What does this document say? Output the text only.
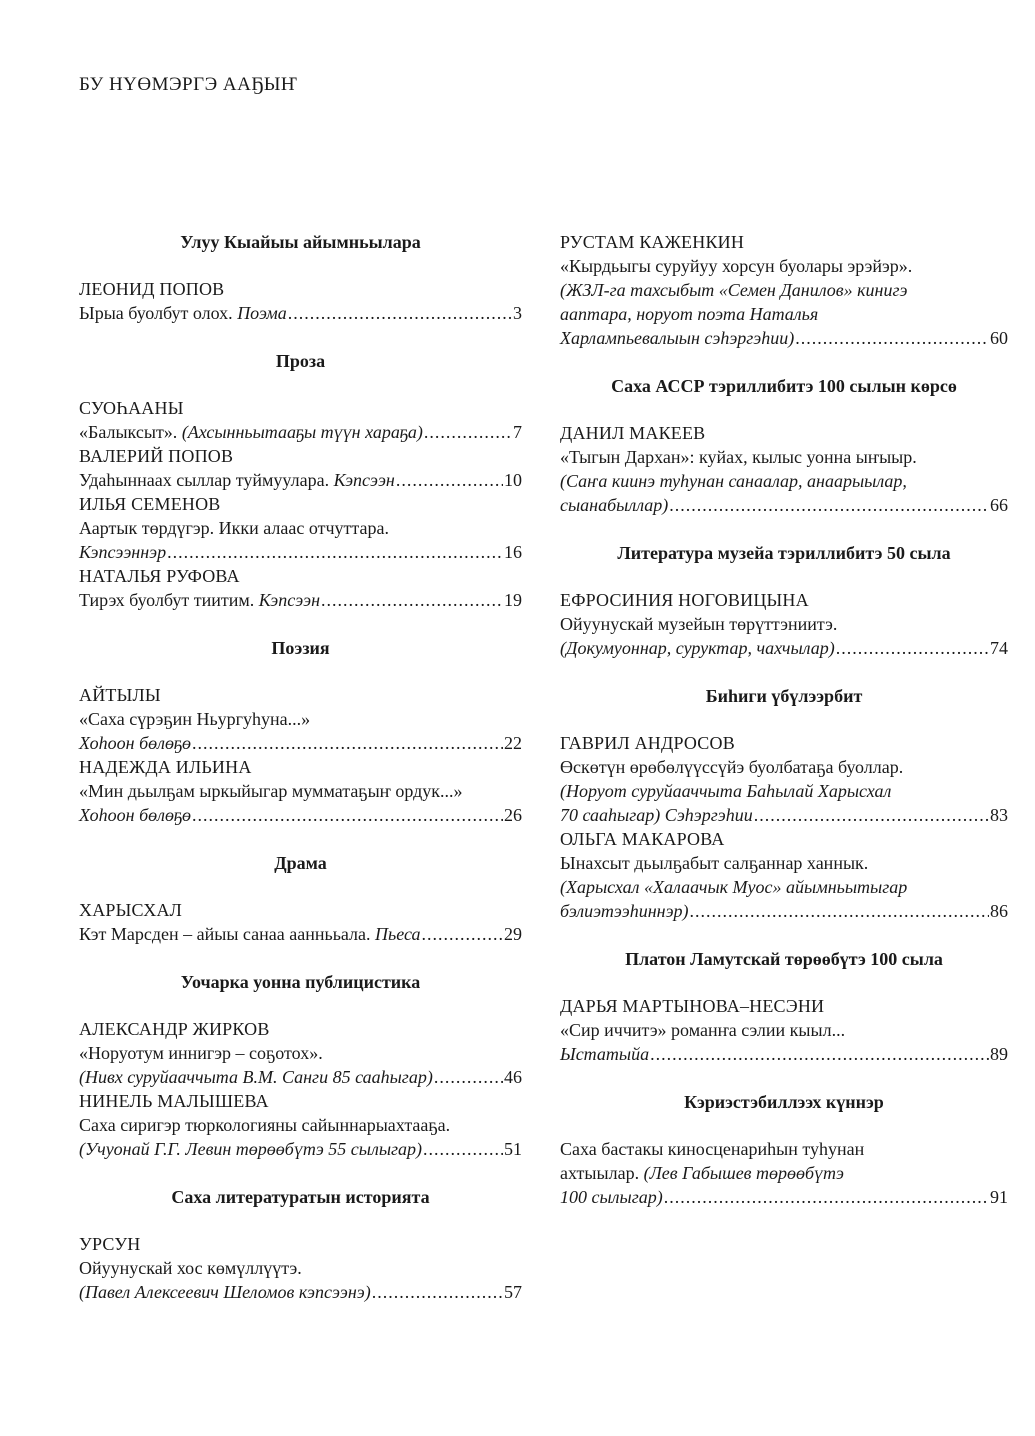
БУ НҮӨМЭРГЭ ААҔЫҤ
Улуу Кыайыы айымньылара
ЛЕОНИД ПОПОВ
Ырыа буолбут олох. Поэма .....	3
Проза
СУОҺААНЫ
«Балыксыт». (Ахсынньытааҕы түүн хараҕа) .....	7
ВАЛЕРИЙ ПОПОВ
Удаһыннаах сыллар туймуулара. Кэпсээн .....	10
ИЛЬЯ СЕМЕНОВ
Аартык төрдүгэр. Икки алаас отчуттара.
Кэпсээннэр .....	16
НАТАЛЬЯ РУФОВА
Тирэх буолбут тиитим. Кэпсээн .....	19
Поэзия
АЙТЫЛЫ
«Саха сүрэҕин Ньургуһуна...»
Хоһоон бөлөҕө .....	22
НАДЕЖДА ИЛЬИНА
«Мин дьылҕам ыркыйыгар мумматаҕыҥ ордук...»
Хоһоон бөлөҕө .....	26
Драма
ХАРЫСХАЛ
Кэт Марсден – айыы санаа ааннььала. Пьеса .....	29
Уочарка уонна публицистика
АЛЕКСАНДР ЖИРКОВ
«Норуотум иннигэр – соҕотох».
(Нивх суруйааччыта В.М. Санги 85 сааһыгар) .....	46
НИНЕЛЬ МАЛЫШЕВА
Саха сиригэр тюркологияны сайыннарыахтааҕа.
(Учуонай Г.Г. Левин төрөөбүтэ 55 сылыгар) .....	51
Саха литературатын историята
УРСУН
Ойуунускай хос көмүллүүтэ.
(Павел Алексеевич Шеломов кэпсээнэ) .....	57
РУСТАМ КАЖЕНКИН
«Кырдьыгы суруйуу хорсун буолары эрэйэр».
(ЖЗЛ-га тахсыбыт «Семен Данилов» кинигэ
ааптара, норуот поэта Наталья
Харлампьевалыын сэһэргэһии) .....	60
Саха АССР тэриллибитэ 100 сылын көрсө
ДАНИЛ МАКЕЕВ
«Тыгын Дархан»: куйах, кылыс уонна ыҥыыр.
(Саҥа киинэ туһунан санаалар, анаарыылар,
сыанабыллар) .....	66
Литература музейа тэриллибитэ 50 сыла
ЕФРОСИНИЯ НОГОВИЦЫНА
Ойуунускай музейын төрүттэниитэ.
(Докумуоннар, суруктар, чахчылар) .....	74
Биһиги үбүлээрбит
ГАВРИЛ АНДРОСОВ
Өскөтүн өрөбөлүүссүйэ буолбатаҕа буоллар.
(Норуот суруйааччыта Баһылай Харысхал
70 сааһыгар) Сэһэргэһии .....	83
ОЛЬГА МАКАРОВА
Ынахсыт дьылҕабыт салҕаннар ханнык.
(Харысхал «Халаачык Муос» айымньытыгар
бэлиэтээһиннэр) .....	86
Платон Ламутскай төрөөбүтэ 100 сыла
ДАРЬЯ МАРТЫНОВА–НЕСЭНИ
«Сир иччитэ» романҥа сэлии кыыл...
Ыстатыйа .....	89
Кэриэстэбиллээх күннэр
Саха бастакы киносценариһын туһунан
ахтыылар. (Лев Габышев төрөөбүтэ
100 сылыгар) .....	91
